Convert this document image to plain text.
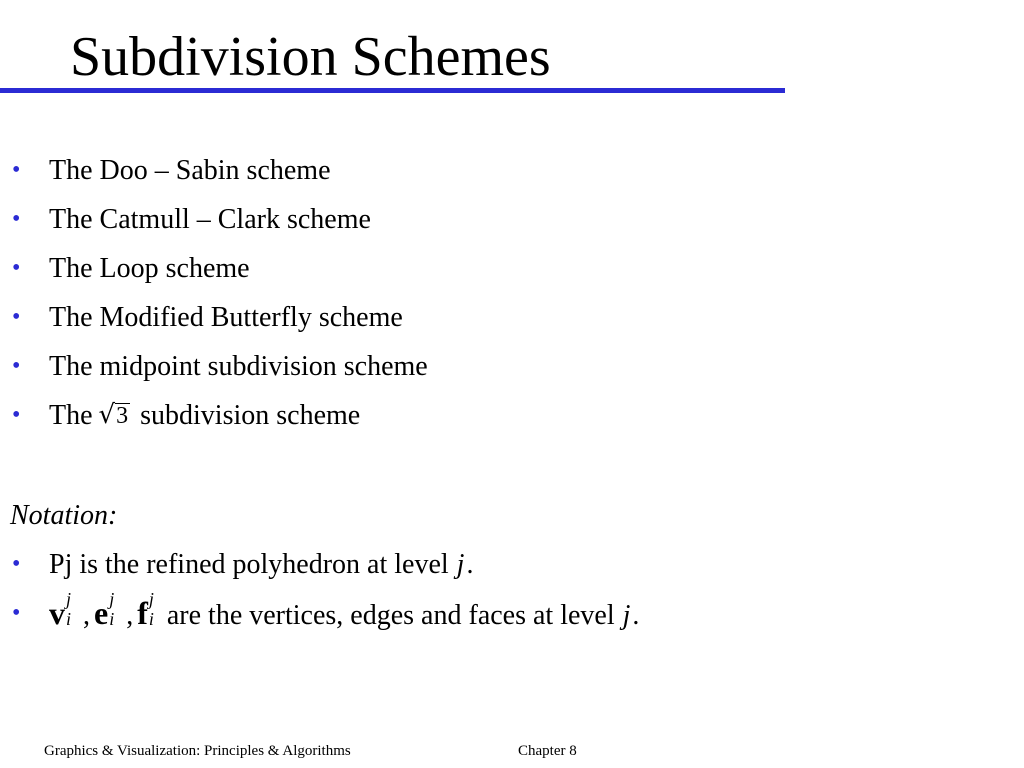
Subdivision Schemes
• The Doo – Sabin scheme
• The Catmull – Clark scheme
• The Loop scheme
• The Modified Butterfly scheme
• The midpoint subdivision scheme
• The √3 subdivision scheme
Notation:
• Pj is the refined polyhedron at level j.
• v j
i , e j
i , f j
i are the vertices, edges and faces at level j.
Graphics & Visualization: Principles & Algorithms	Chapter 8
